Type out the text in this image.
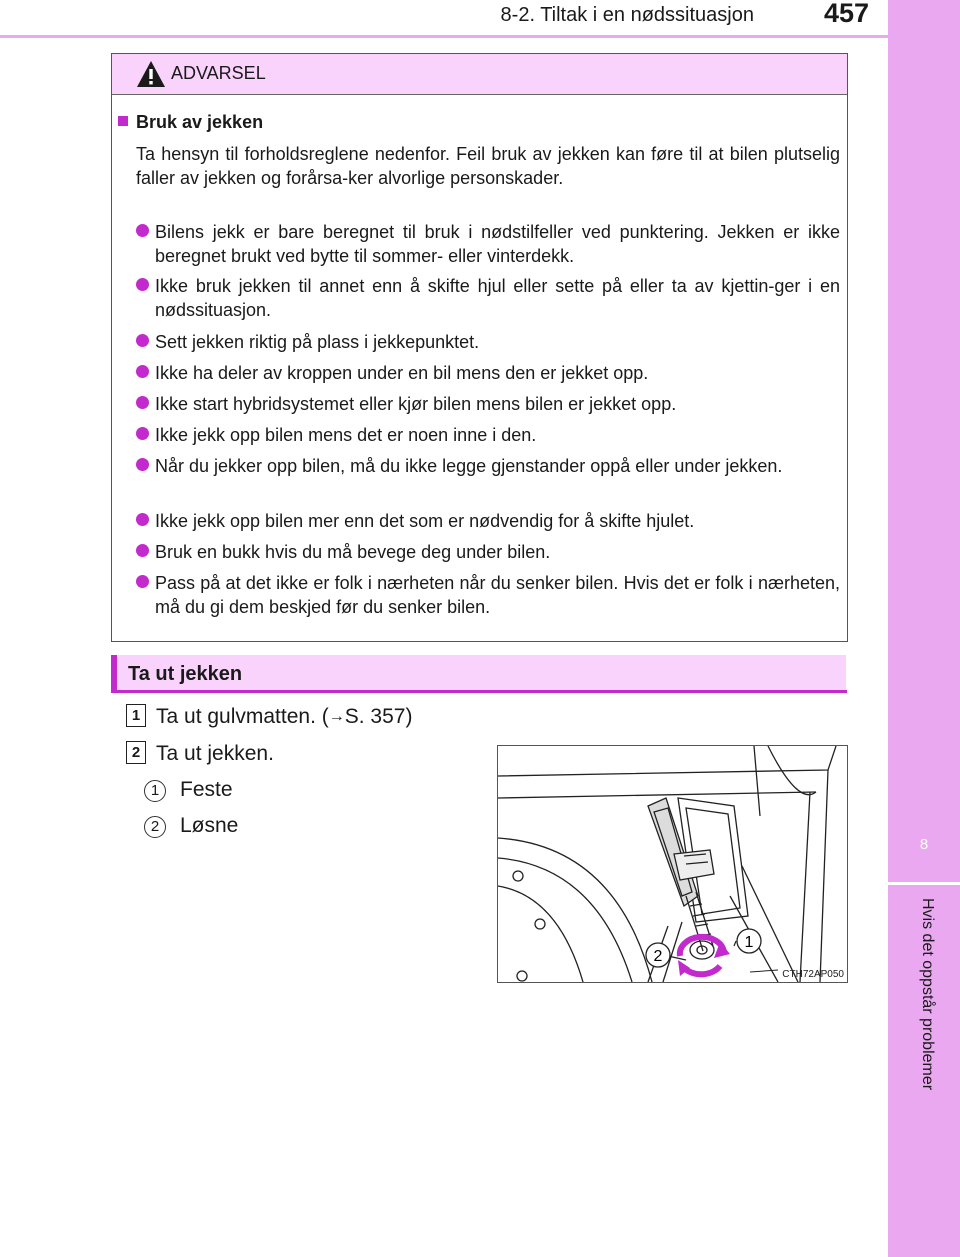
8
Hvis det oppstår problemer
8-2. Tiltak i en nødssituasjon	457
ADVARSEL
Bruk av jekken
Ta hensyn til forholdsreglene nedenfor. Feil bruk av jekken kan føre til at bilen plutselig faller av jekken og forårsa-ker alvorlige personskader.
Bilens jekk er bare beregnet til bruk i nødstilfeller ved punktering. Jekken er ikke beregnet brukt ved bytte til sommer- eller vinterdekk.
Ikke bruk jekken til annet enn å skifte hjul eller sette på eller ta av kjettin-ger i en nødssituasjon.
Sett jekken riktig på plass i jekkepunktet.
Ikke ha deler av kroppen under en bil mens den er jekket opp.
Ikke start hybridsystemet eller kjør bilen mens bilen er jekket opp.
Ikke jekk opp bilen mens det er noen inne i den.
Når du jekker opp bilen, må du ikke legge gjenstander oppå eller under jekken.
Ikke jekk opp bilen mer enn det som er nødvendig for å skifte hjulet.
Bruk en bukk hvis du må bevege deg under bilen.
Pass på at det ikke er folk i nærheten når du senker bilen. Hvis det er folk i nærheten, må du gi dem beskjed før du senker bilen.
Ta ut jekken
1 Ta ut gulvmatten. (→S. 357)
2 Ta ut jekken.
1 Feste
2 Løsne
1
2
CTH72AP050
